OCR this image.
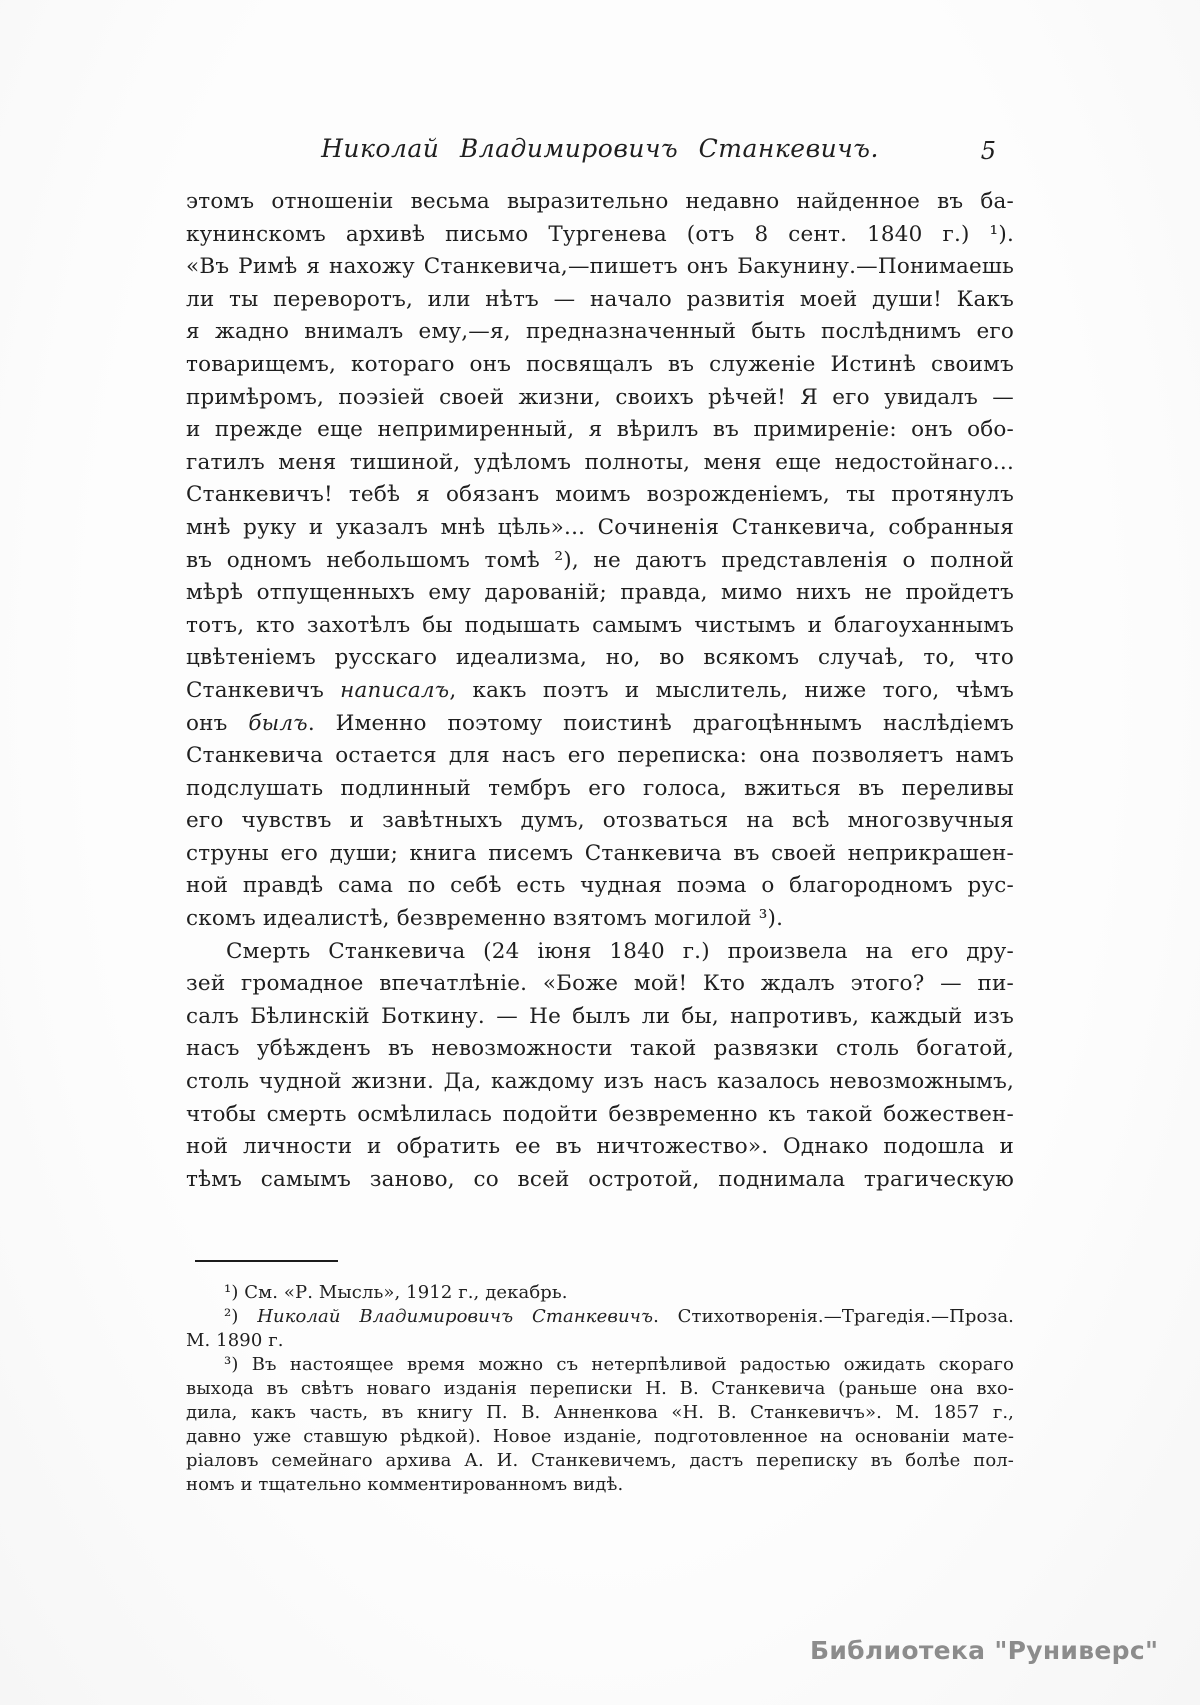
Николай Владимировичъ Станкевичъ.	5
этомъ отношеніи весьма выразительно недавно найденное въ ба-
кунинскомъ архивѣ письмо Тургенева (отъ 8 сент. 1840 г.) ¹).
«Въ Римѣ я нахожу Станкевича,—пишетъ онъ Бакунину.—Понимаешь
ли ты переворотъ, или нѣтъ — начало развитія моей души! Какъ
я жадно внималъ ему,—я, предназначенный быть послѣднимъ его
товарищемъ, котораго онъ посвящалъ въ служеніе Истинѣ своимъ
примѣромъ, поэзіей своей жизни, своихъ рѣчей! Я его увидалъ —
и прежде еще непримиренный, я вѣрилъ въ примиреніе: онъ обо-
гатилъ меня тишиной, удѣломъ полноты, меня еще недостойнаго...
Станкевичъ! тебѣ я обязанъ моимъ возрожденіемъ, ты протянулъ
мнѣ руку и указалъ мнѣ цѣль»... Сочиненія Станкевича, собранныя
въ одномъ небольшомъ томѣ ²), не даютъ представленія о полной
мѣрѣ отпущенныхъ ему дарованій; правда, мимо нихъ не пройдетъ
тотъ, кто захотѣлъ бы подышать самымъ чистымъ и благоуханнымъ
цвѣтеніемъ русскаго идеализма, но, во всякомъ случаѣ, то, что
Станкевичъ написалъ, какъ поэтъ и мыслитель, ниже того, чѣмъ
онъ былъ. Именно поэтому поистинѣ драгоцѣннымъ наслѣдіемъ
Станкевича остается для насъ его переписка: она позволяетъ намъ
подслушать подлинный тембръ его голоса, вжиться въ переливы
его чувствъ и завѣтныхъ думъ, отозваться на всѣ многозвучныя
струны его души; книга писемъ Станкевича въ своей неприкрашен-
ной правдѣ сама по себѣ есть чудная поэма о благородномъ рус-
скомъ идеалистѣ, безвременно взятомъ могилой ³).
Смерть Станкевича (24 іюня 1840 г.) произвела на его дру-
зей громадное впечатлѣніе. «Боже мой! Кто ждалъ этого? — пи-
салъ Бѣлинскій Боткину. — Не былъ ли бы, напротивъ, каждый изъ
насъ убѣжденъ въ невозможности такой развязки столь богатой,
столь чудной жизни. Да, каждому изъ насъ казалось невозможнымъ,
чтобы смерть осмѣлилась подойти безвременно къ такой божествен-
ной личности и обратить ее въ ничтожество». Однако подошла и
тѣмъ самымъ заново, со всей остротой, поднимала трагическую
¹) См. «Р. Мысль», 1912 г., декабрь.
²) Николай Владимировичъ Станкевичъ. Стихотворенія.—Трагедія.—Проза.
М. 1890 г.
³) Въ настоящее время можно съ нетерпѣливой радостью ожидать скораго
выхода въ свѣтъ новаго изданія переписки Н. В. Станкевича (раньше она вхо-
дила, какъ часть, въ книгу П. В. Анненкова «Н. В. Станкевичъ». М. 1857 г.,
давно уже ставшую рѣдкой). Новое изданіе, подготовленное на основаніи мате-
ріаловъ семейнаго архива А. И. Станкевичемъ, дастъ переписку въ болѣе пол-
номъ и тщательно комментированномъ видѣ.
Библиотека "Руниверс"
